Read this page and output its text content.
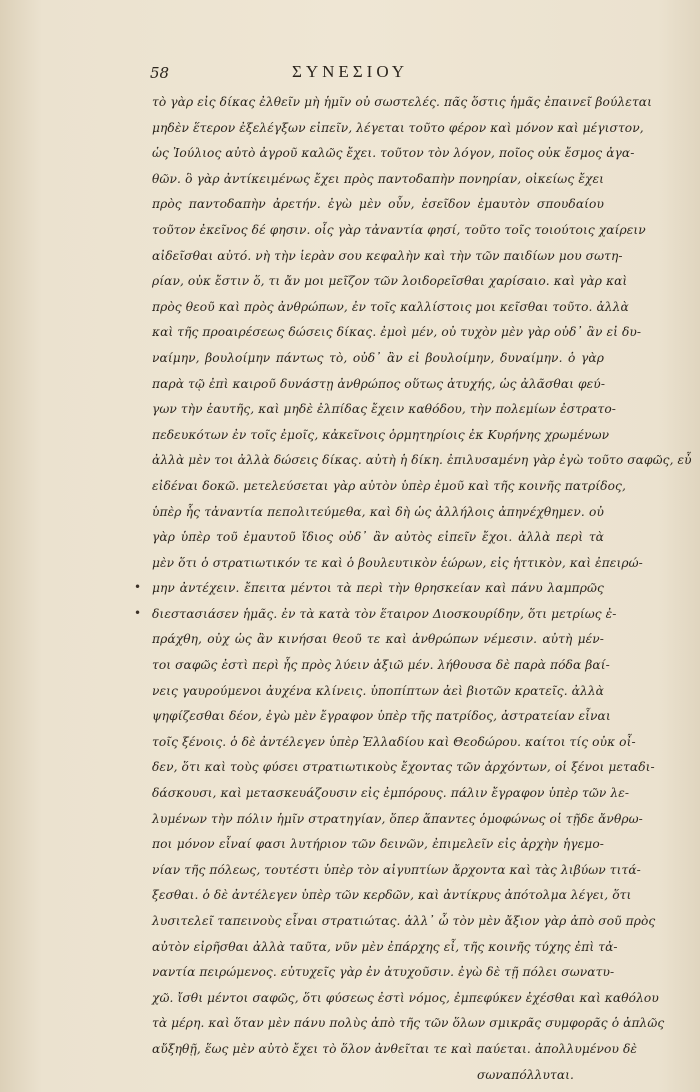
58	ΣΥΝΕΣΙΟΥ
•
•
τὸ γὰρ εἰς δίκας ἐλθεῖν μὴ ἡμῖν οὐ σωστελές. πᾶς ὅστις ἡμᾶς ἐπαινεῖ βούλεται
μηδὲν ἕτερον ἐξελέγξων εἰπεῖν, λέγεται τοῦτο φέρον καὶ μόνον καὶ μέγιστον,
ὡς Ἰούλιος αὐτὸ ἀγροῦ καλῶς ἔχει. τοῦτον τὸν λόγον, ποῖος οὐκ ἔσμος ἀγα-
θῶν. ὃ γὰρ ἀντίκειμένως ἔχει πρὸς παντοδαπὴν πονηρίαν, οἰκείως ἔχει
πρὸς παντοδαπὴν ἀρετήν. ἐγὼ μὲν οὖν, ἐσεῖδον ἐμαυτὸν σπουδαίου
τοῦτον ἐκεῖνος δέ φησιν. οἷς γὰρ τἀναντία φησί, τοῦτο τοῖς τοιούτοις χαίρειν
αἰδεῖσθαι αὐτό. νὴ τὴν ἱερὰν σου κεφαλὴν καὶ τὴν τῶν παιδίων μου σωτη-
ρίαν, οὐκ ἔστιν ὅ, τι ἄν μοι μεῖζον τῶν λοιδορεῖσθαι χαρίσαιο. καὶ γὰρ καὶ
πρὸς θεοῦ καὶ πρὸς ἀνθρώπων, ἐν τοῖς καλλίστοις μοι κεῖσθαι τοῦτο. ἀλλὰ
καὶ τῆς προαιρέσεως δώσεις δίκας. ἐμοὶ μέν, οὐ τυχὸν μὲν γὰρ οὐδ᾽ ἂν εἰ δυ-
ναίμην, βουλοίμην πάντως τὸ, οὐδ᾽ ἂν εἰ βουλοίμην, δυναίμην. ὁ γὰρ
παρὰ τῷ ἐπὶ καιροῦ δυνάστῃ ἀνθρώπος οὕτως ἀτυχής, ὡς ἀλᾶσθαι φεύ-
γων τὴν ἑαυτῆς, καὶ μηδὲ ἐλπίδας ἔχειν καθόδου, τὴν πολεμίων ἐστρατο-
πεδευκότων ἐν τοῖς ἐμοῖς, κἀκεῖνοις ὁρμητηρίοις ἐκ Κυρήνης χρωμένων
ἀλλὰ μὲν τοι ἀλλὰ δώσεις δίκας. αὐτὴ ἡ δίκη. ἐπιλυσαμένη γὰρ ἐγὼ τοῦτο σαφῶς, εὖ
εἰδέναι δοκῶ. μετελεύσεται γὰρ αὐτὸν ὑπὲρ ἐμοῦ καὶ τῆς κοινῆς πατρίδος,
ὑπὲρ ἧς τἀναντία πεπολιτεύμεθα, καὶ δὴ ὡς ἀλλήλοις ἀπηνέχθημεν. οὐ
γὰρ ὑπὲρ τοῦ ἐμαυτοῦ ἴδιος οὐδ᾽ ἂν αὐτὸς εἰπεῖν ἔχοι. ἀλλὰ περὶ τὰ
μὲν ὅτι ὁ στρατιωτικόν τε καὶ ὁ βουλευτικὸν ἑώρων, εἰς ἡττικὸν, καὶ ἐπειρώ-
μην ἀντέχειν. ἔπειτα μέντοι τὰ περὶ τὴν θρησκείαν καὶ πάνυ λαμπρῶς
διεστασιάσεν ἡμᾶς. ἐν τὰ κατὰ τὸν ἕταιρον Διοσκουρίδην, ὅτι μετρίως ἐ-
πράχθη, οὐχ ὡς ἂν κινήσαι θεοῦ τε καὶ ἀνθρώπων νέμεσιν. αὐτὴ μέν-
τοι σαφῶς ἐστὶ περὶ ἧς πρὸς λύειν ἀξιῶ μέν. λήθουσα δὲ παρὰ πόδα βαί-
νεις γαυρούμενοι ἀυχένα κλίνεις. ὑποπίπτων ἀεὶ βιοτῶν κρατεῖς. ἀλλὰ
ψηφίζεσθαι δέον, ἐγὼ μὲν ἔγραφον ὑπὲρ τῆς πατρίδος, ἀστρατείαν εἶναι
τοῖς ξένοις. ὁ δὲ ἀντέλεγεν ὑπὲρ Ἑλλαδίου καὶ Θεοδώρου. καίτοι τίς οὐκ οἶ-
δεν, ὅτι καὶ τοὺς φύσει στρατιωτικοὺς ἔχοντας τῶν ἀρχόντων, οἱ ξένοι μεταδι-
δάσκουσι, καὶ μετασκευάζουσιν εἰς ἐμπόρους. πάλιν ἔγραφον ὑπὲρ τῶν λε-
λυμένων τὴν πόλιν ἡμῖν στρατηγίαν, ὅπερ ἅπαντες ὁμοφώνως οἱ τῇδε ἄνθρω-
ποι μόνον εἶναί φασι λυτήριον τῶν δεινῶν, ἐπιμελεῖν εἰς ἀρχὴν ἡγεμο-
νίαν τῆς πόλεως, τουτέστι ὑπὲρ τὸν αἰγυπτίων ἄρχοντα καὶ τὰς λιβύων τιτά-
ξεσθαι. ὁ δὲ ἀντέλεγεν ὑπὲρ τῶν κερδῶν, καὶ ἀντίκρυς ἀπότολμα λέγει, ὅτι
λυσιτελεῖ ταπεινοὺς εἶναι στρατιώτας. ἀλλ᾽ ὦ τὸν μὲν ἄξιον γὰρ ἀπὸ σοῦ πρὸς
αὐτὸν εἰρῆσθαι ἀλλὰ ταῦτα, νῦν μὲν ἐπάρχης εἶ, τῆς κοινῆς τύχης ἐπὶ τἀ-
ναντία πειρώμενος. εὐτυχεῖς γὰρ ἐν ἀτυχοῦσιν. ἐγὼ δὲ τῇ πόλει σωνατυ-
χῶ. ἴσθι μέντοι σαφῶς, ὅτι φύσεως ἐστὶ νόμος, ἐμπεφύκεν ἐχέσθαι καὶ καθόλου
τὰ μέρη. καὶ ὅταν μὲν πάνυ πολὺς ἀπὸ τῆς τῶν ὅλων σμικρᾶς συμφορᾶς ὁ ἀπλῶς
αὔξηθῇ, ἕως μὲν αὐτὸ ἔχει τὸ ὅλον ἀνθεῖται τε καὶ παύεται. ἀπολλυμένου δὲ
σωναπόλλυται.
